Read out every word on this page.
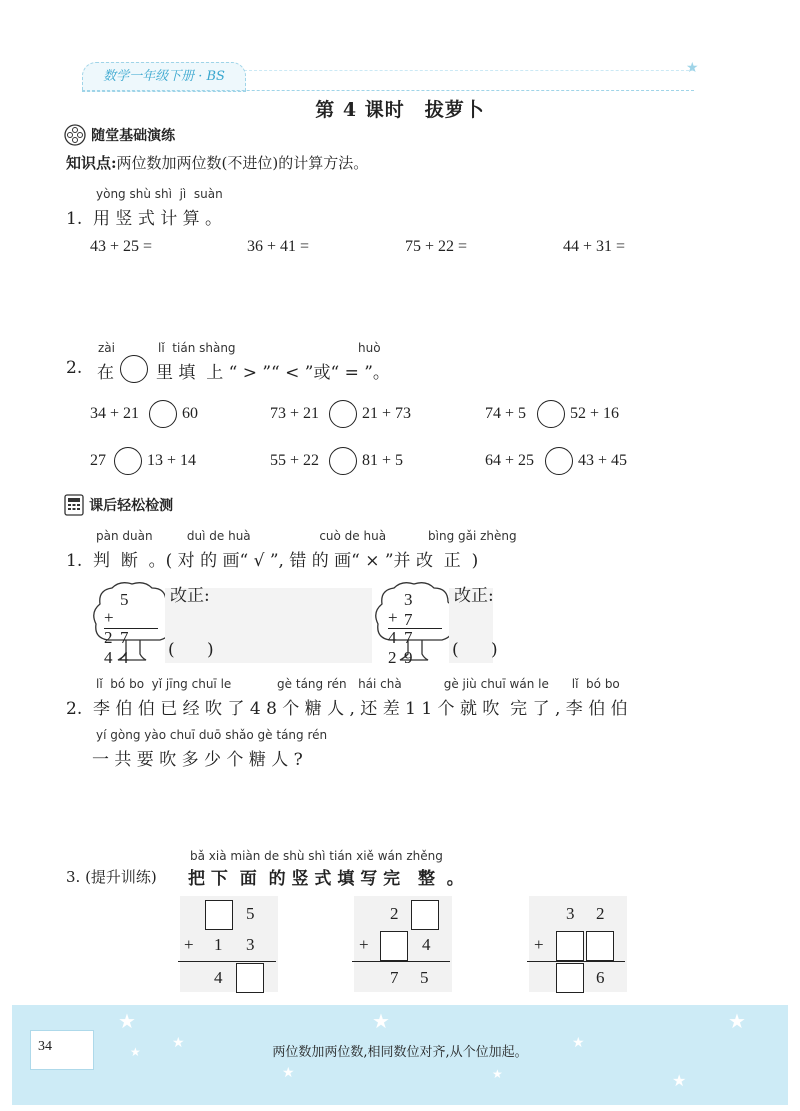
数学一年级下册 · BS
★
第 4 课时　拔萝卜
随堂基础演练
知识点:两位数加两位数(不进位)的计算方法。
yòng shù shì  jì  suàn
1.  用 竖 式 计 算 。
43 + 25 =	36 + 41 =	75 + 22 =	44 + 31 =
zài	lǐ  tián shàng	huò
2. 在 里 填  上 “ > ”“ < ”或“ = ”。
34 + 21	60	73 + 21	21 + 73	74 + 5	52 + 16
27	13 + 14	55 + 22	81 + 5	64 + 25	43 + 45
课后轻松检测
pàn duàn         duì de huà                  cuò de huà           bìng gǎi zhèng
1.  判  断  。( 对 的 画“ √ ”, 错 的 画“ × ”并 改  正  )
5
+ 2 4
7 4
改正:
(      )
3 7
+ 4 2
7 9
改正:
(      )
lǐ  bó bo  yǐ jīng chuī le            gè táng rén   hái chà           gè jiù chuī wán le      lǐ  bó bo
2.  李 伯 伯 已 经 吹 了 4 8 个 糖 人 , 还 差 1 1 个 就 吹  完 了 , 李 伯 伯
yí gòng yào chuī duō shǎo gè táng rén
一 共 要 吹 多 少 个 糖 人 ?
bǎ xià miàn de shù shì tián xiě wán zhěng
3. (提升训练) 把 下  面  的 竖 式 填 写 完   整  。
5
+ 1 3
4
2
+	4
7 5
3 2
+
6
★	★	★
★	★
★
★	★	★
34	两位数加两位数,相同数位对齐,从个位加起。
